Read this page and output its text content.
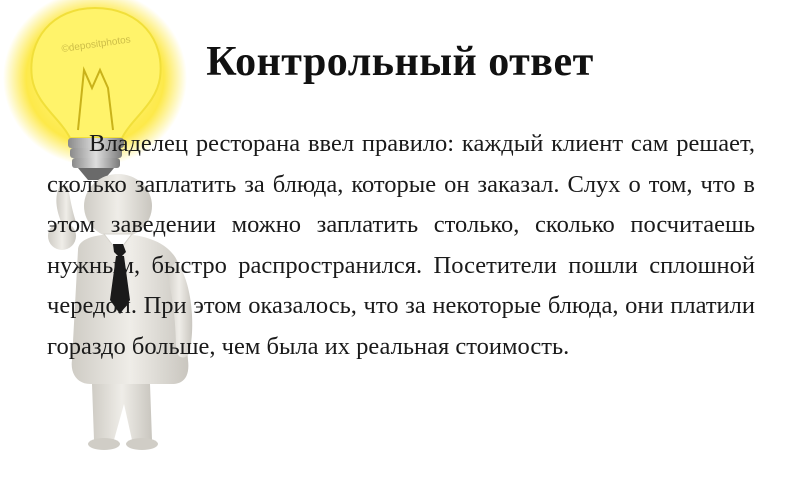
©depositphotos	Контрольный ответ

Владелец ресторана ввел правило: каждый клиент сам решает, сколько заплатить за блюда, которые он заказал. Слух о том, что в этом заведении можно заплатить столько, сколько посчитаешь нужным, быстро распространился. Посетители пошли сплошной чередой. При этом оказалось, что за некоторые блюда, они платили гораздо больше, чем была их реальная стоимость.
